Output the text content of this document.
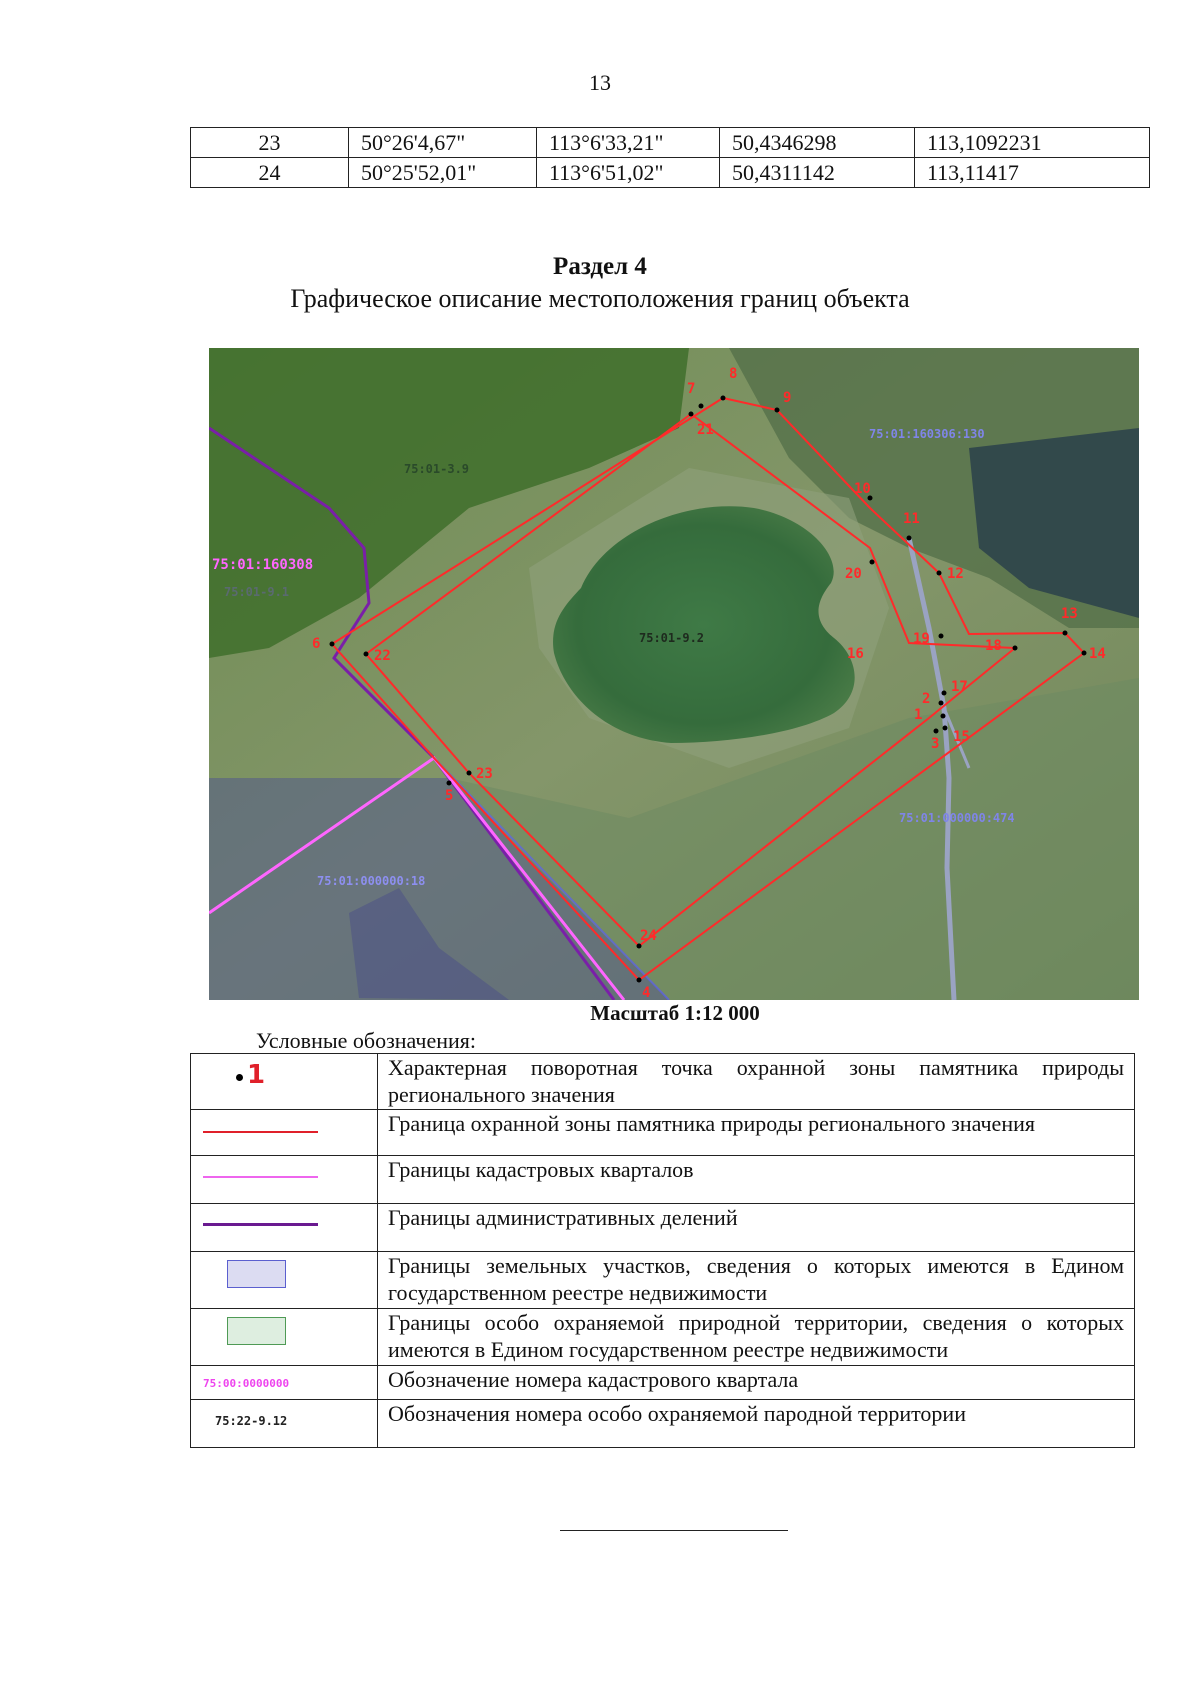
13
23	50°26'4,67"	113°6'33,21"	50,4346298	113,1092231
24	50°25'52,01"	113°6'51,02"	50,4311142	113,11417
Раздел 4
Графическое описание местоположения границ объекта
7
8
9
21
10
11
12
20
13
14
19	18
16
17
2
1
15
3
6
22
23
5
24
4
75:01:160308
75:01:160306:130
75:01:000000:18
75:01:000000:474
75:01-9.2
75:01-3.9
75:01-9.1
Масштаб 1:12 000
Условные обозначения:
1	Характерная поворотная точка охранной зоны памятника природы регионального значения

	Граница охранной зоны памятника природы регионального значения

	Границы кадастровых кварталов

	Границы административных делений

	Границы земельных участков, сведения о которых имеются в Едином государственном реестре недвижимости

	Границы особо охраняемой природной территории, сведения о которых имеются в Едином государственном реестре недвижимости

75:00:0000000	Обозначение номера кадастрового квартала

75:22-9.12	Обозначения номера особо охраняемой пародной территории
